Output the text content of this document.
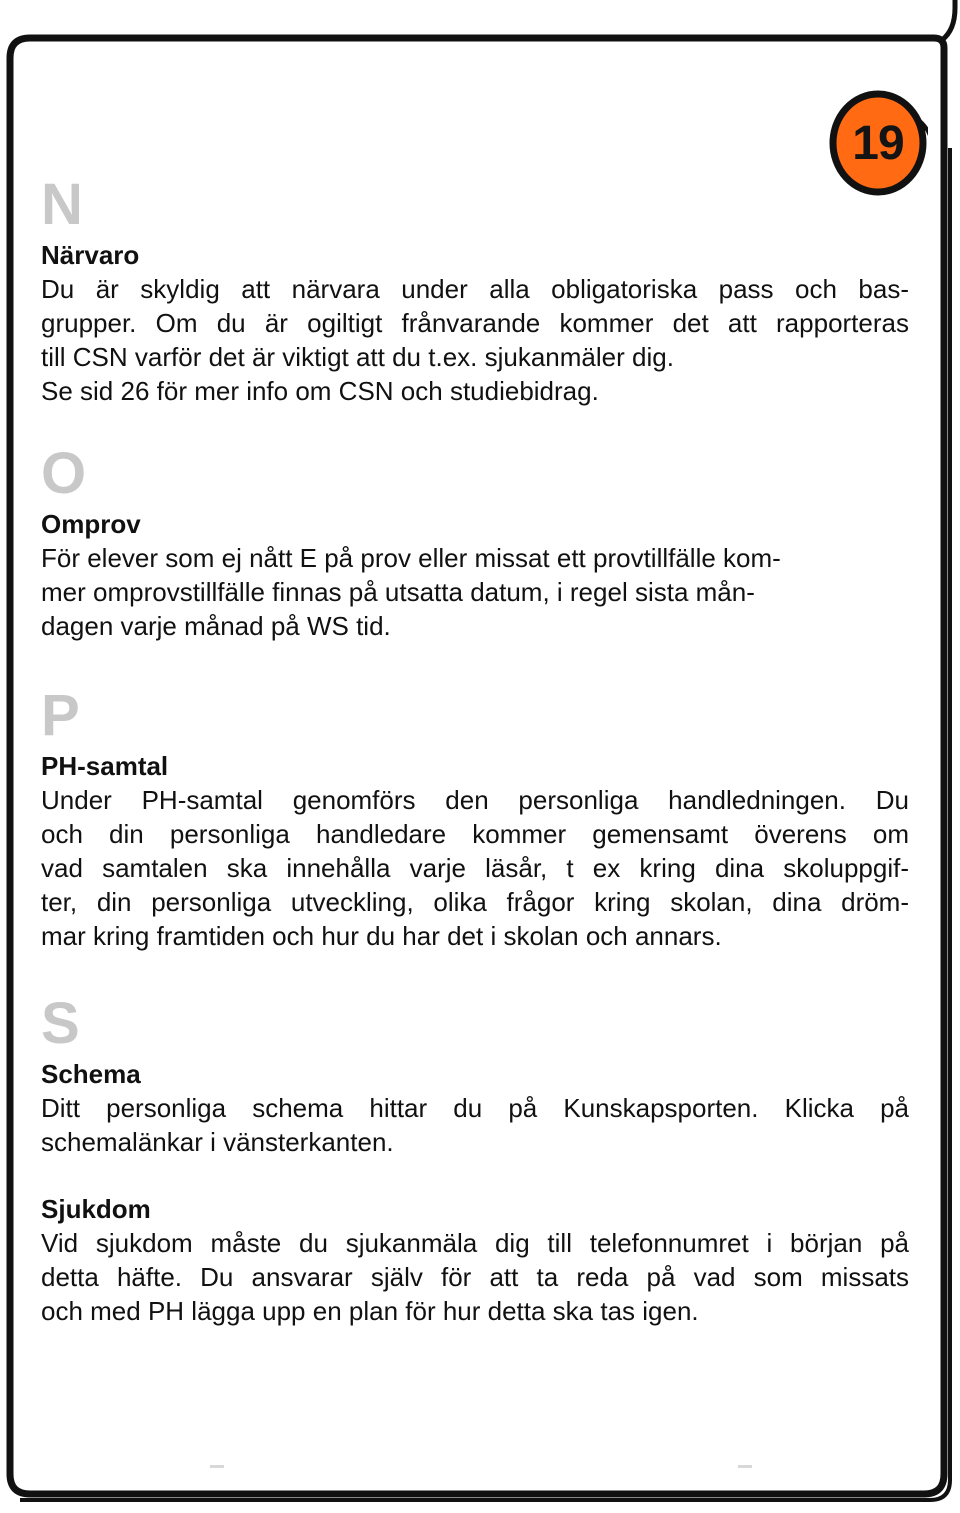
19
N
Närvaro
Du är skyldig att närvara under alla obligatoriska pass och bas-
grupper. Om du är ogiltigt frånvarande kommer det att rapporteras
till CSN varför det är viktigt att du t.ex. sjukanmäler dig.
Se sid 26 för mer info om CSN och studiebidrag.
O
Omprov
För elever som ej nått E på prov eller missat ett provtillfälle kom-
mer omprovstillfälle finnas på utsatta datum, i regel sista mån-
dagen varje månad på WS tid.
P
PH-samtal
Under PH-samtal genomförs den personliga handledningen. Du
och din personliga handledare kommer gemensamt överens om
vad samtalen ska innehålla varje läsår, t ex kring dina skoluppgif-
ter, din personliga utveckling, olika frågor kring skolan, dina dröm-
mar kring framtiden och hur du har det i skolan och annars.
S
Schema
Ditt personliga schema hittar du på Kunskapsporten. Klicka på
schemalänkar i vänsterkanten.
Sjukdom
Vid sjukdom måste du sjukanmäla dig till telefonnumret i början på
detta häfte. Du ansvarar själv för att ta reda på vad som missats
och med PH lägga upp en plan för hur detta ska tas igen.
